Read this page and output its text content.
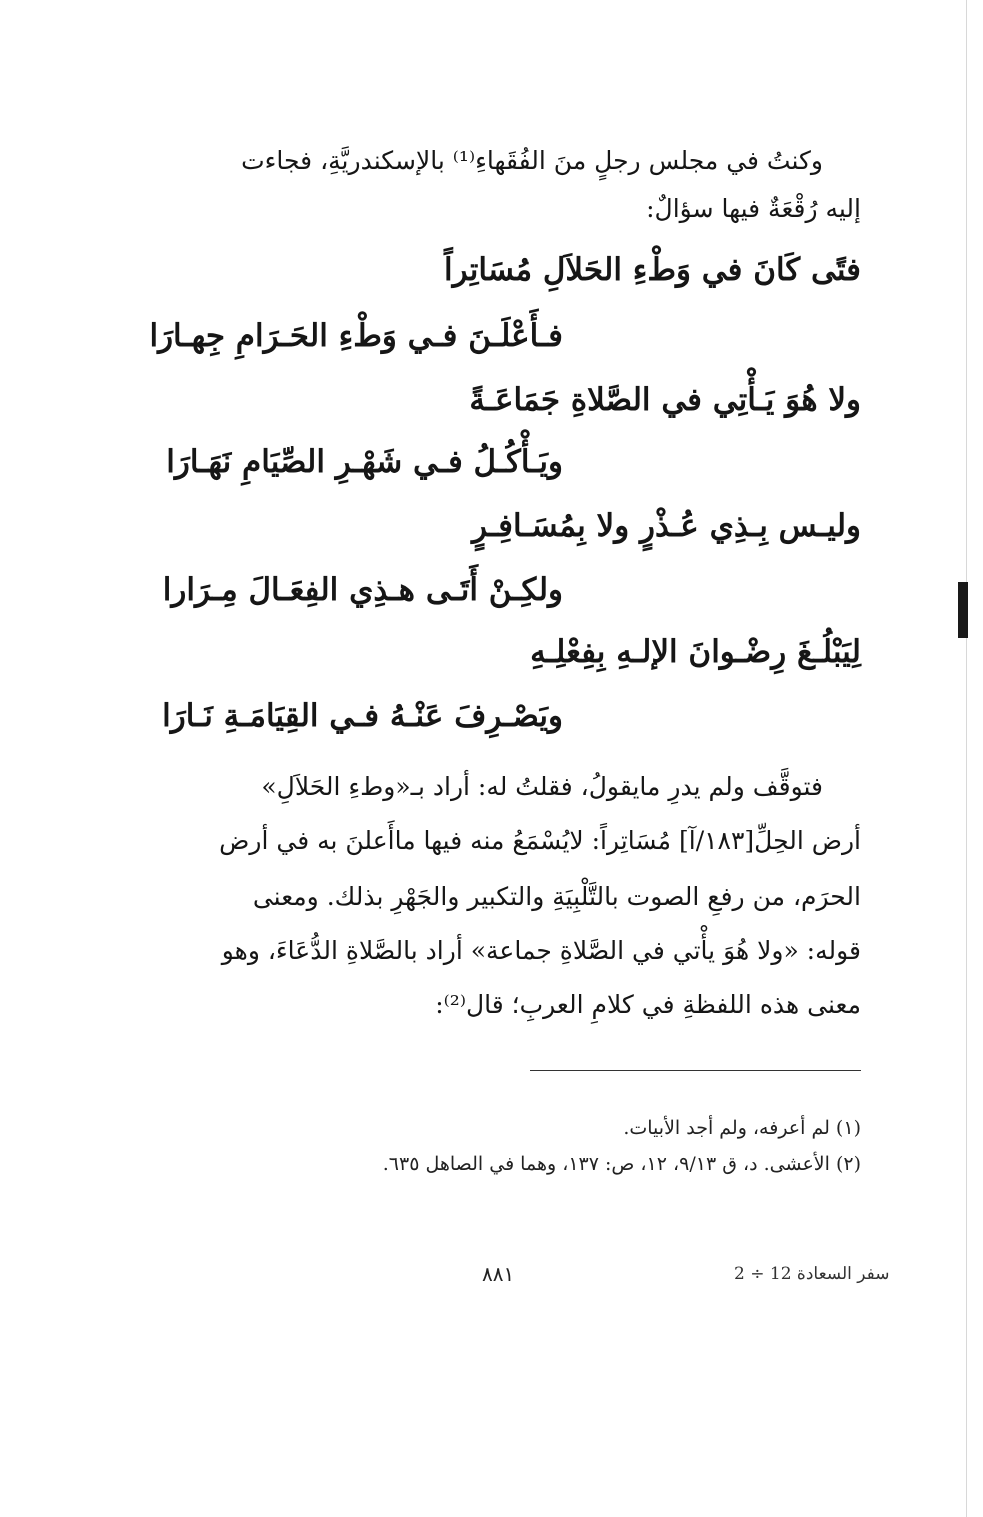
وكنتُ في مجلس رجلٍ منَ الفُقَهاءِ⁽¹⁾ بالإسكندريَّةِ، فجاءت
إليه رُقْعَةٌ فيها سؤالٌ:
فتًى كَانَ في وَطْءِ الحَلاَلِ مُسَاتِراً
فـأَعْلَـنَ فـي وَطْءِ الحَـرَامِ جِهـارَا
ولا هُوَ يَـأْتِي في الصَّلاةِ جَمَاعَـةً
ويَـأْكُـلُ فـي شَهْـرِ الصِّيَامِ نَهَـارَا
وليـس بِـذِي عُـذْرٍ ولا بِمُسَـافِـرٍ
ولكِـنْ أَتَـى هـذِي الفِعَـالَ مِـرَارا
لِيَبْلُـغَ رِضْـوانَ الإلـهِ بِفِعْلِـهِ
ويَصْـرِفَ عَنْـهُ فـي القِيَامَـةِ نَـارَا
فتوقَّف ولم يدرِ مايقولُ، فقلتُ له: أراد بـ«وطءِ الحَلاَلِ»
أرض الحِلِّ[١٨٣/آ] مُسَاتِراً: لايُسْمَعُ منه فيها ماأَعلنَ به في أرض
الحرَم، من رفعِ الصوت بالتَّلْبِيَةِ والتكبير والجَهْرِ بذلك. ومعنى
قوله: «ولا هُوَ يأْتي في الصَّلاةِ جماعة» أراد بالصَّلاةِ الدُّعَاءَ، وهو
معنى هذه اللفظةِ في كلامِ العربِ؛ قال⁽²⁾:
(١) لم أعرفه، ولم أجد الأبيات.
(٢) الأعشى. د، ق ٩/١٣، ١٢، ص: ١٣٧، وهما في الصاهل ٦٣٥.
٨٨١	سفر السعادة 12 ÷ 2
